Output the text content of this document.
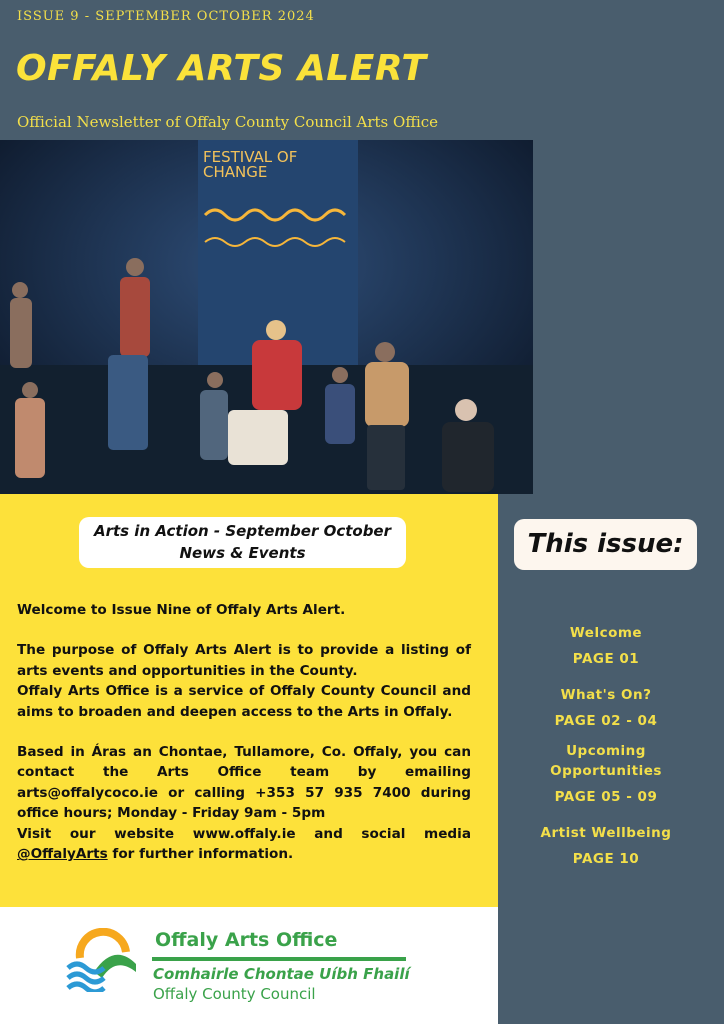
ISSUE 9 - SEPTEMBER OCTOBER 2024
OFFALY ARTS ALERT
Official Newsletter of Offaly County Council Arts Office
FESTIVAL OF
CHANGE
Arts in Action - September October
News & Events

Welcome to Issue Nine of Offaly Arts Alert.

The purpose of Offaly Arts Alert is to provide a listing of arts events and opportunities in the County.

Offaly Arts Office is a service of Offaly County Council and aims to broaden and deepen access to the Arts in Offaly.

Based in Áras an Chontae, Tullamore, Co. Offaly, you can contact the Arts Office team by emailing arts@offalycoco.ie or calling +353 57 935 7400 during office hours; Monday - Friday 9am - 5pm

Visit our website www.offaly.ie and social media @OffalyArts for further information.

Offaly Arts Office
Comhairle Chontae Uíbh Fhailí
Offaly County Council
This issue:
Welcome
PAGE 01
What's On?
PAGE 02 - 04
Upcoming Opportunities
PAGE 05 - 09
Artist Wellbeing
PAGE 10
